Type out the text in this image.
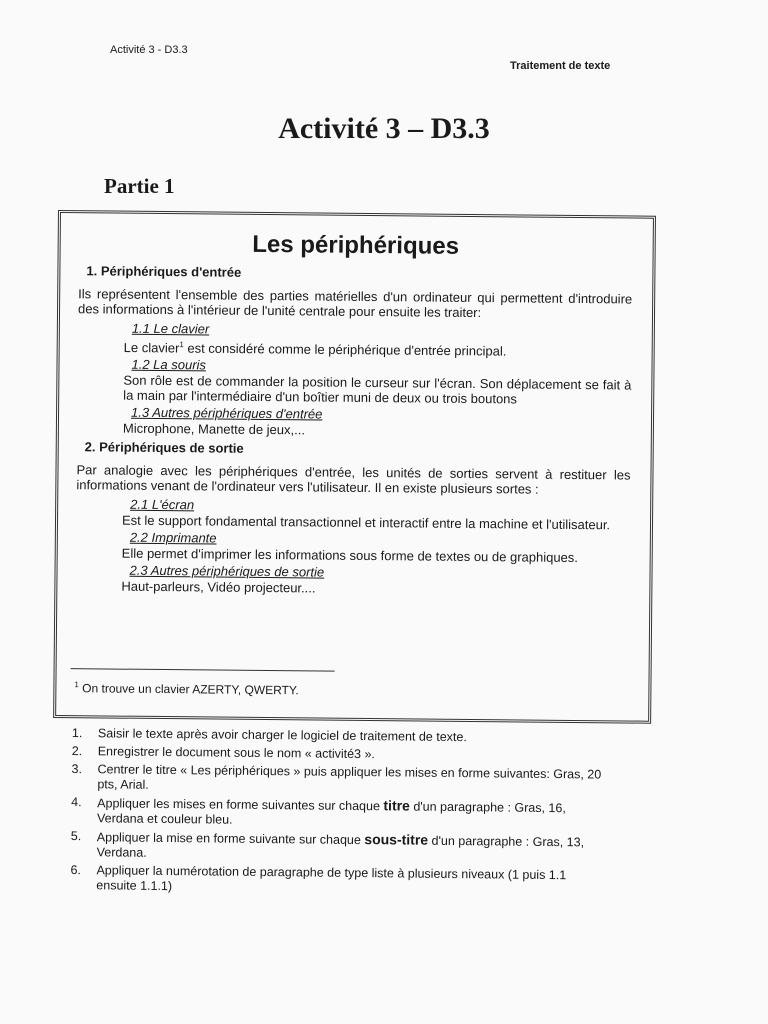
Activité 3 - D3.3
Traitement de texte
Activité 3 – D3.3
Partie 1
Les périphériques
1. Périphériques d'entrée
Ils représentent l'ensemble des parties matérielles d'un ordinateur qui permettent d'introduire des informations à l'intérieur de l'unité centrale pour ensuite les traiter:
1.1 Le clavier
Le clavier$^1$ est considéré comme le périphérique d'entrée principal.
1.2 La souris
Son rôle est de commander la position le curseur sur l'écran. Son déplacement se fait à la main par l'intermédiaire d'un boîtier muni de deux ou trois boutons
1.3 Autres périphériques d'entrée
Microphone, Manette de jeux,...
2. Périphériques de sortie
Par analogie avec les périphériques d'entrée, les unités de sorties servent à restituer les informations venant de l'ordinateur vers l'utilisateur. Il en existe plusieurs sortes :
2.1 L'écran
Est le support fondamental transactionnel et interactif entre la machine et l'utilisateur.
2.2 Imprimante
Elle permet d'imprimer les informations sous forme de textes ou de graphiques.
2.3 Autres périphériques de sortie
Haut-parleurs, Vidéo projecteur....
$^1$ On trouve un clavier AZERTY, QWERTY.
1.	Saisir le texte après avoir charger le logiciel de traitement de texte.
2.	Enregistrer le document sous le nom « activité3 ».
3.	Centrer le titre « Les périphériques » puis appliquer les mises en forme suivantes: Gras, 20 pts, Arial.
4.	Appliquer les mises en forme suivantes sur chaque titre d'un paragraphe : Gras, 16, Verdana et couleur bleu.
5.	Appliquer la mise en forme suivante sur chaque sous-titre d'un paragraphe : Gras, 13, Verdana.
6.	Appliquer la numérotation de paragraphe de type liste à plusieurs niveaux (1 puis 1.1 ensuite 1.1.1)
